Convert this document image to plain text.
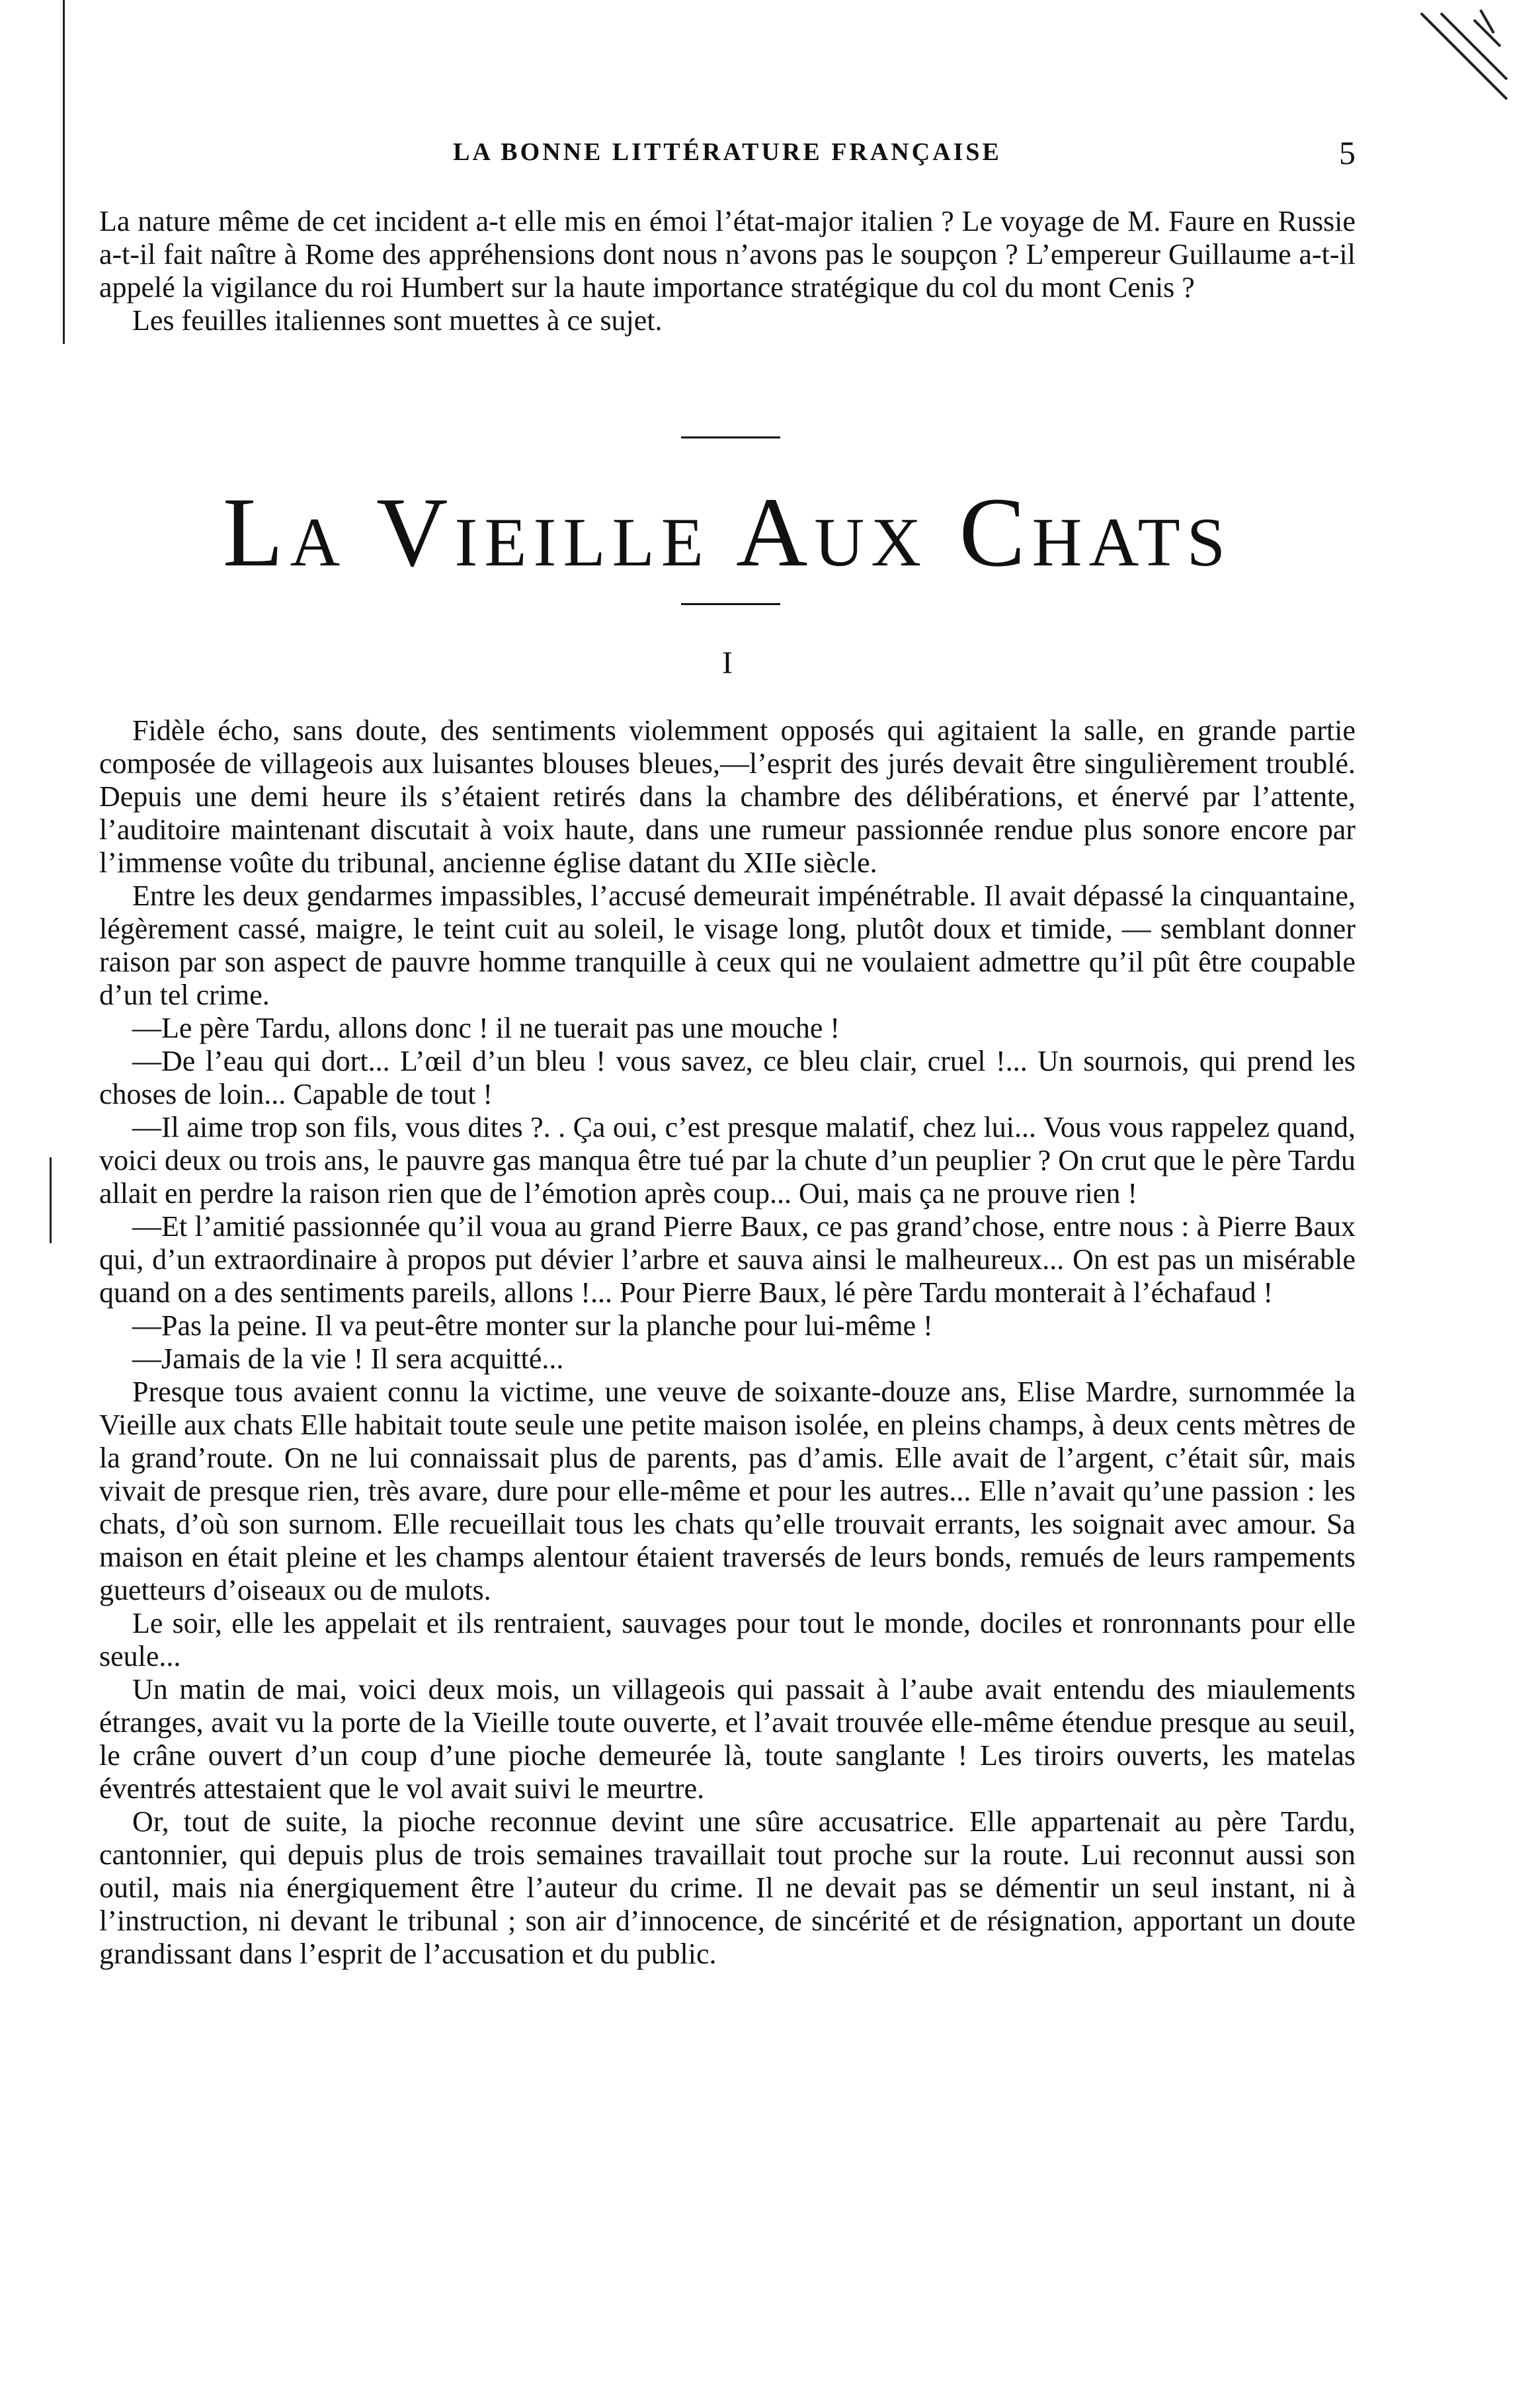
LA BONNE LITTÉRATURE FRANÇAISE	5

La nature même de cet incident a-t elle mis en émoi l’état-major italien ? Le voyage de M. Faure en Russie a-t-il fait naître à Rome des appréhensions dont nous n’avons pas le soupçon ? L’empereur Guillaume a-t-il appelé la vigilance du roi Humbert sur la haute importance stratégique du col du mont Cenis ?

Les feuilles italiennes sont muettes à ce sujet.

La Vieille Aux Chats
I

Fidèle écho, sans doute, des sentiments violemment opposés qui agitaient la salle, en grande partie composée de villageois aux luisantes blouses bleues,—l’esprit des jurés devait être singulièrement troublé. Depuis une demi heure ils s’étaient retirés dans la chambre des délibérations, et énervé par l’attente, l’auditoire maintenant discutait à voix haute, dans une rumeur passionnée rendue plus sonore encore par l’immense voûte du tribunal, ancienne église datant du XIIe siècle.

Entre les deux gendarmes impassibles, l’accusé demeurait impénétrable. Il avait dépassé la cinquantaine, légèrement cassé, maigre, le teint cuit au soleil, le visage long, plutôt doux et timide, — semblant donner raison par son aspect de pauvre homme tranquille à ceux qui ne voulaient admettre qu’il pût être coupable d’un tel crime.

—Le père Tardu, allons donc ! il ne tuerait pas une mouche !

—De l’eau qui dort... L’œil d’un bleu ! vous savez, ce bleu clair, cruel !... Un sournois, qui prend les choses de loin... Capable de tout !

—Il aime trop son fils, vous dites ?. . Ça oui, c’est presque malatif, chez lui... Vous vous rappelez quand, voici deux ou trois ans, le pauvre gas manqua être tué par la chute d’un peuplier ? On crut que le père Tardu allait en perdre la raison rien que de l’émotion après coup... Oui, mais ça ne prouve rien !

—Et l’amitié passionnée qu’il voua au grand Pierre Baux, ce pas grand’chose, entre nous : à Pierre Baux qui, d’un extraordinaire à propos put dévier l’arbre et sauva ainsi le malheureux... On est pas un misérable quand on a des sentiments pareils, allons !... Pour Pierre Baux, lé père Tardu monterait à l’échafaud !

—Pas la peine. Il va peut-être monter sur la planche pour lui-même !

—Jamais de la vie ! Il sera acquitté...

Presque tous avaient connu la victime, une veuve de soixante-douze ans, Elise Mardre, surnommée la Vieille aux chats Elle habitait toute seule une petite maison isolée, en pleins champs, à deux cents mètres de la grand’route. On ne lui connaissait plus de parents, pas d’amis. Elle avait de l’argent, c’était sûr, mais vivait de presque rien, très avare, dure pour elle-même et pour les autres... Elle n’avait qu’une passion : les chats, d’où son surnom. Elle recueillait tous les chats qu’elle trouvait errants, les soignait avec amour. Sa maison en était pleine et les champs alentour étaient traversés de leurs bonds, remués de leurs rampements guetteurs d’oiseaux ou de mulots.

Le soir, elle les appelait et ils rentraient, sauvages pour tout le monde, dociles et ronronnants pour elle seule...

Un matin de mai, voici deux mois, un villageois qui passait à l’aube avait entendu des miaulements étranges, avait vu la porte de la Vieille toute ouverte, et l’avait trouvée elle-même étendue presque au seuil, le crâne ouvert d’un coup d’une pioche demeurée là, toute sanglante ! Les tiroirs ouverts, les matelas éventrés attestaient que le vol avait suivi le meurtre.

Or, tout de suite, la pioche reconnue devint une sûre accusatrice. Elle appartenait au père Tardu, cantonnier, qui depuis plus de trois semaines travaillait tout proche sur la route. Lui reconnut aussi son outil, mais nia énergiquement être l’auteur du crime. Il ne devait pas se démentir un seul instant, ni à l’instruction, ni devant le tribunal ; son air d’innocence, de sincérité et de résignation, apportant un doute grandissant dans l’esprit de l’accusation et du public.
